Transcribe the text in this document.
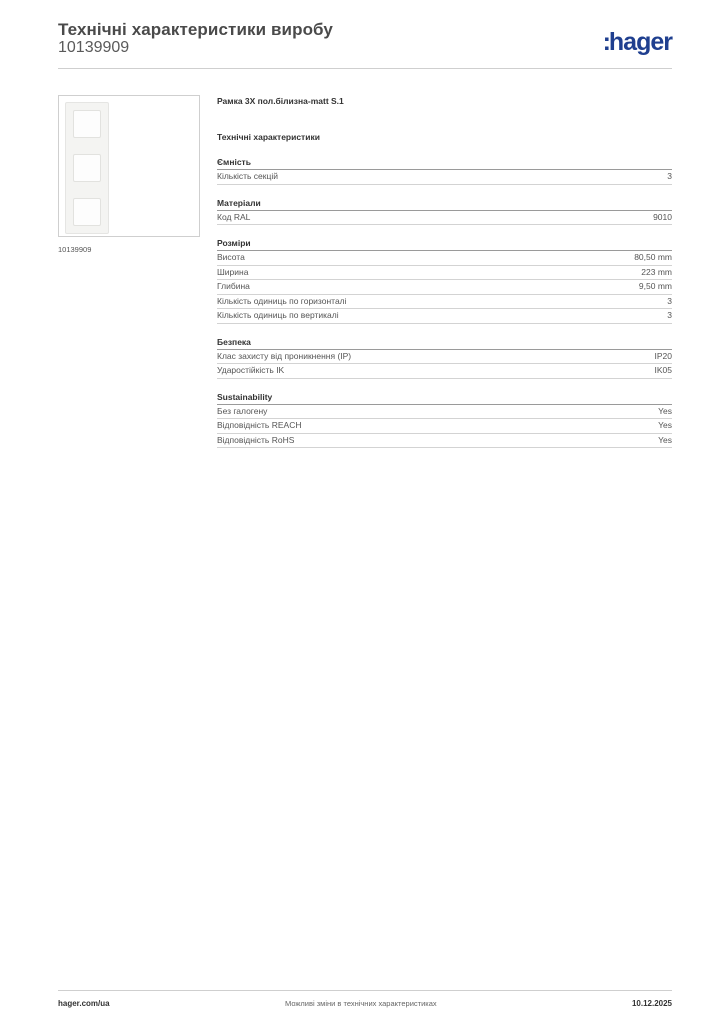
Технічні характеристики виробу
10139909	:hager
10139909
Рамка 3X пол.білизна-matt S.1
Технічні характеристики
Ємність
Кількість секцій	3
Матеріали
Код RAL	9010
Розміри
Висота	80,50 mm
Ширина	223 mm
Глибина	9,50 mm
Кількість одиниць по горизонталі	3
Кількість одиниць по вертикалі	3
Безпека
Клас захисту від проникнення (IP)	IP20
Ударостійкість IK	IK05
Sustainability
Без галогену	Yes
Відповідність REACH	Yes
Відповідність RoHS	Yes
hager.com/ua	Можливі зміни в технічних характеристиках	10.12.2025
